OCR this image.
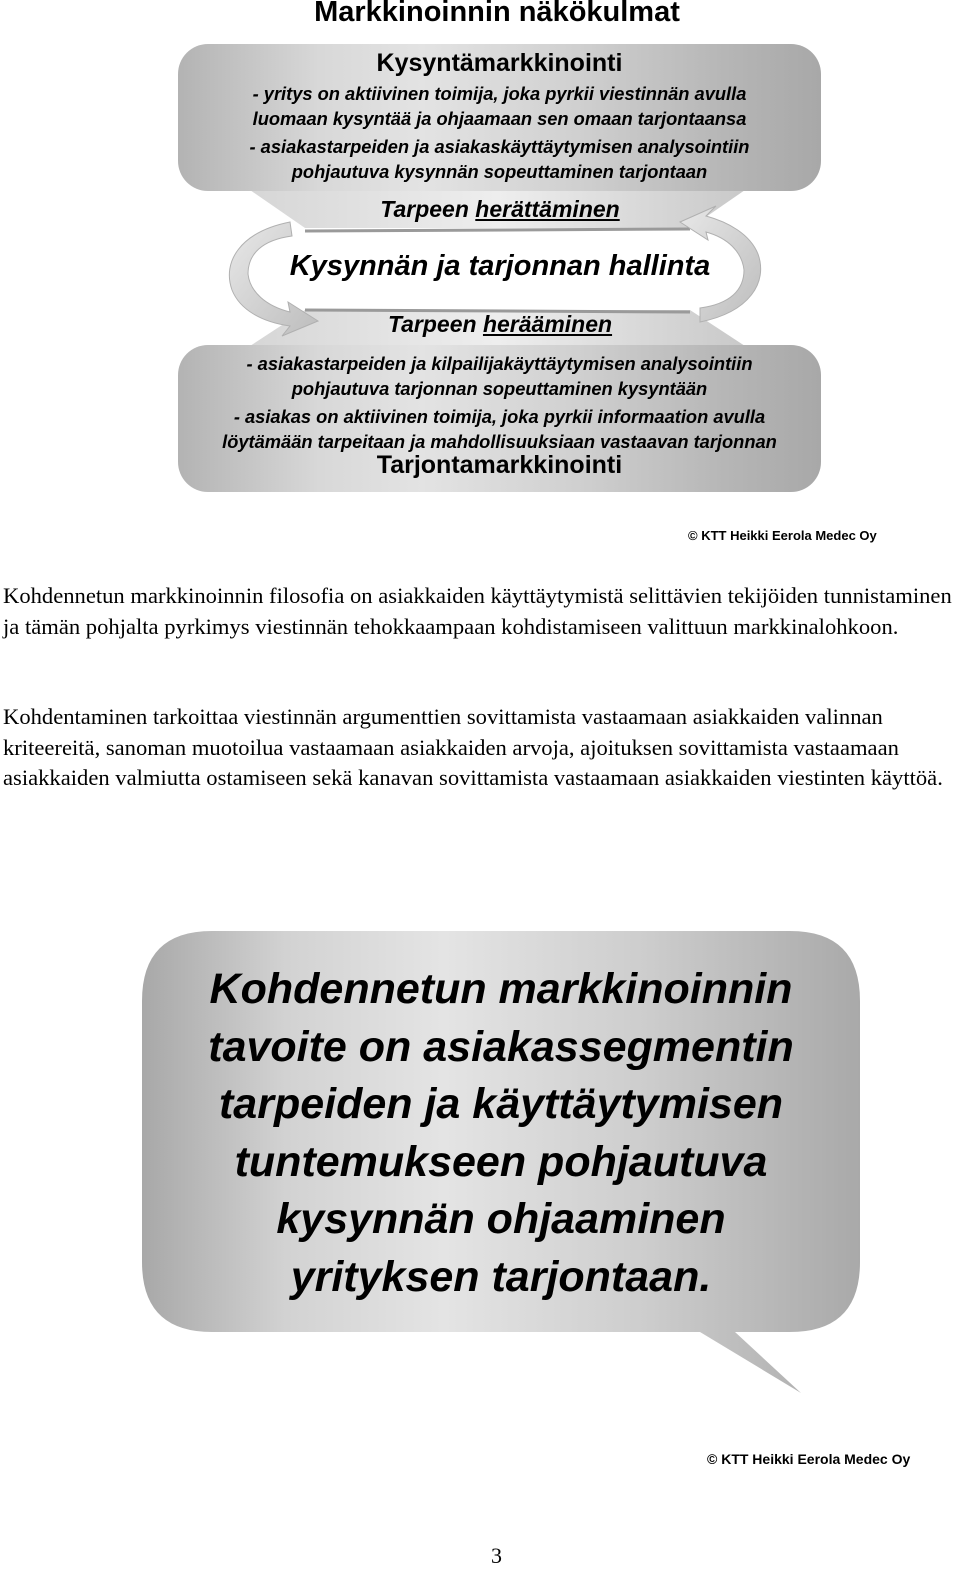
Markkinoinnin näkökulmat
Kysyntämarkkinointi
- yritys on aktiivinen toimija, joka pyrkii viestinnän avulla
luomaan kysyntää ja ohjaamaan sen omaan tarjontaansa
- asiakastarpeiden ja asiakaskäyttäytymisen analysointiin
pohjautuva kysynnän sopeuttaminen tarjontaan
Tarpeen herättäminen
Kysynnän ja tarjonnan hallinta
Tarpeen herääminen
- asiakastarpeiden ja kilpailijakäyttäytymisen analysointiin
pohjautuva tarjonnan sopeuttaminen kysyntään
- asiakas on aktiivinen toimija, joka pyrkii informaation avulla
löytämään tarpeitaan ja mahdollisuuksiaan vastaavan tarjonnan
Tarjontamarkkinointi
© KTT Heikki Eerola Medec Oy

Kohdennetun markkinoinnin filosofia on asiakkaiden käyttäytymistä selittävien tekijöiden tunnistaminen ja tämän pohjalta pyrkimys viestinnän tehokkaampaan kohdistamiseen valittuun markkinalohkoon.

Kohdentaminen tarkoittaa viestinnän argumenttien sovittamista vastaamaan asiakkaiden valinnan kriteereitä, sanoman muotoilua vastaamaan asiakkaiden arvoja, ajoituksen sovittamista vastaamaan asiakkaiden valmiutta ostamiseen sekä kanavan sovittamista vastaamaan asiakkaiden viestinten käyttöä.

Kohdennetun markkinoinnin
tavoite on asiakassegmentin
tarpeiden ja käyttäytymisen
tuntemukseen pohjautuva
kysynnän ohjaaminen
yrityksen tarjontaan.
© KTT Heikki Eerola Medec Oy
3
